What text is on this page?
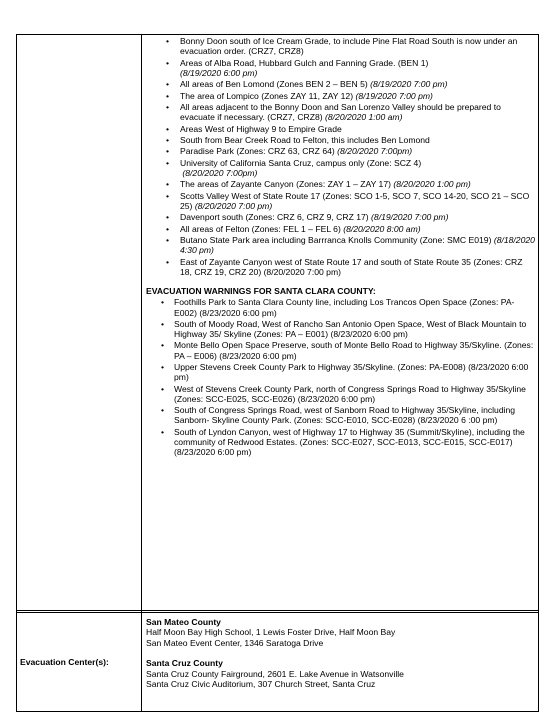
• Bonny Doon south of Ice Cream Grade, to include Pine Flat Road South is now under an evacuation order. (CRZ7, CRZ8)
• Areas of Alba Road, Hubbard Gulch and Fanning Grade. (BEN 1)
(8/19/2020 6:00 pm)
• All areas of Ben Lomond (Zones BEN 2 – BEN 5) (8/19/2020 7:00 pm)
• The area of Lompico (Zones ZAY 11, ZAY 12) (8/19/2020 7:00 pm)
• All areas adjacent to the Bonny Doon and San Lorenzo Valley should be prepared to evacuate if necessary. (CRZ7, CRZ8) (8/20/2020 1:00 am)
• Areas West of Highway 9 to Empire Grade
• South from Bear Creek Road to Felton, this includes Ben Lomond
• Paradise Park (Zones: CRZ 63, CRZ 64) (8/20/2020 7:00pm)
• University of California Santa Cruz, campus only (Zone: SCZ 4)
(8/20/2020 7:00pm)
• The areas of Zayante Canyon (Zones: ZAY 1 – ZAY 17) (8/20/2020 1:00 pm)
• Scotts Valley West of State Route 17 (Zones: SCO 1-5, SCO 7, SCO 14-20, SCO 21 – SCO 25) (8/20/2020 7:00 pm)
• Davenport south (Zones: CRZ 6, CRZ 9, CRZ 17) (8/19/2020 7:00 pm)
• All areas of Felton (Zones: FEL 1 – FEL 6) (8/20/2020 8:00 am)
• Butano State Park area including Barrranca Knolls Community (Zone: SMC E019) (8/18/2020 4:30 pm)
• East of Zayante Canyon west of State Route 17 and south of State Route 35 (Zones: CRZ 18, CRZ 19, CRZ 20) (8/20/2020 7:00 pm)
EVACUATION WARNINGS FOR SANTA CLARA COUNTY:
• Foothills Park to Santa Clara County line, including Los Trancos Open Space (Zones: PA-E002) (8/23/2020 6:00 pm)
• South of Moody Road, West of Rancho San Antonio Open Space, West of Black Mountain to Highway 35/ Skyline (Zones: PA – E001) (8/23/2020 6:00 pm)
• Monte Bello Open Space Preserve, south of Monte Bello Road to Highway 35/Skyline. (Zones: PA – E006) (8/23/2020 6:00 pm)
• Upper Stevens Creek County Park to Highway 35/Skyline. (Zones: PA-E008) (8/23/2020 6:00 pm)
• West of Stevens Creek County Park, north of Congress Springs Road to Highway 35/Skyline (Zones: SCC-E025, SCC-E026) (8/23/2020 6:00 pm)
• South of Congress Springs Road, west of Sanborn Road to Highway 35/Skyline, including Sanborn- Skyline County Park. (Zones: SCC-E010, SCC-E028) (8/23/2020 6 :00 pm)
• South of Lyndon Canyon, west of Highway 17 to Highway 35 (Summit/Skyline), including the community of Redwood Estates. (Zones: SCC-E027, SCC-E013, SCC-E015, SCC-E017) (8/23/2020 6:00 pm)
Evacuation Center(s):
San Mateo County
Half Moon Bay High School, 1 Lewis Foster Drive, Half Moon Bay
San Mateo Event Center, 1346 Saratoga Drive
Santa Cruz County
Santa Cruz County Fairground, 2601 E. Lake Avenue in Watsonville
Santa Cruz Civic Auditorium, 307 Church Street, Santa Cruz
